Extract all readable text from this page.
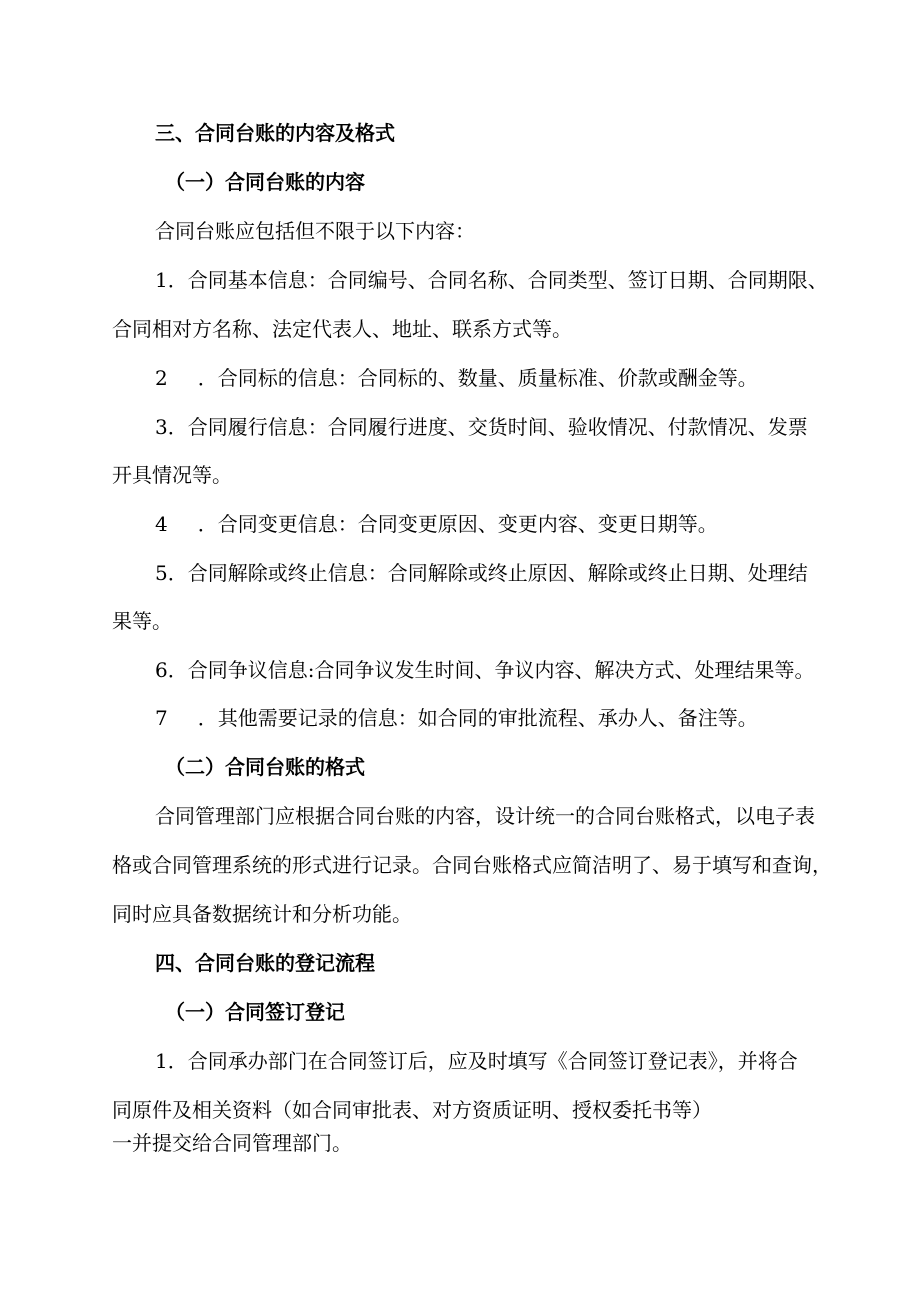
三、合同台账的内容及格式
（一）合同台账的内容
合同台账应包括但不限于以下内容：
1．合同基本信息：合同编号、合同名称、合同类型、签订日期、合同期限、
合同相对方名称、法定代表人、地址、联系方式等。
2 ．合同标的信息：合同标的、数量、质量标准、价款或酬金等。
3．合同履行信息：合同履行进度、交货时间、验收情况、付款情况、发票
开具情况等。
4 ．合同变更信息：合同变更原因、变更内容、变更日期等。
5．合同解除或终止信息：合同解除或终止原因、解除或终止日期、处理结
果等。
6．合同争议信息:合同争议发生时间、争议内容、解决方式、处理结果等。
7 ．其他需要记录的信息：如合同的审批流程、承办人、备注等。
（二）合同台账的格式
合同管理部门应根据合同台账的内容，设计统一的合同台账格式，以电子表
格或合同管理系统的形式进行记录。合同台账格式应简洁明了、易于填写和查询，
同时应具备数据统计和分析功能。
四、合同台账的登记流程
（一）合同签订登记
1．合同承办部门在合同签订后，应及时填写《合同签订登记表》，并将合
同原件及相关资料（如合同审批表、对方资质证明、授权委托书等）
一并提交给合同管理部门。
